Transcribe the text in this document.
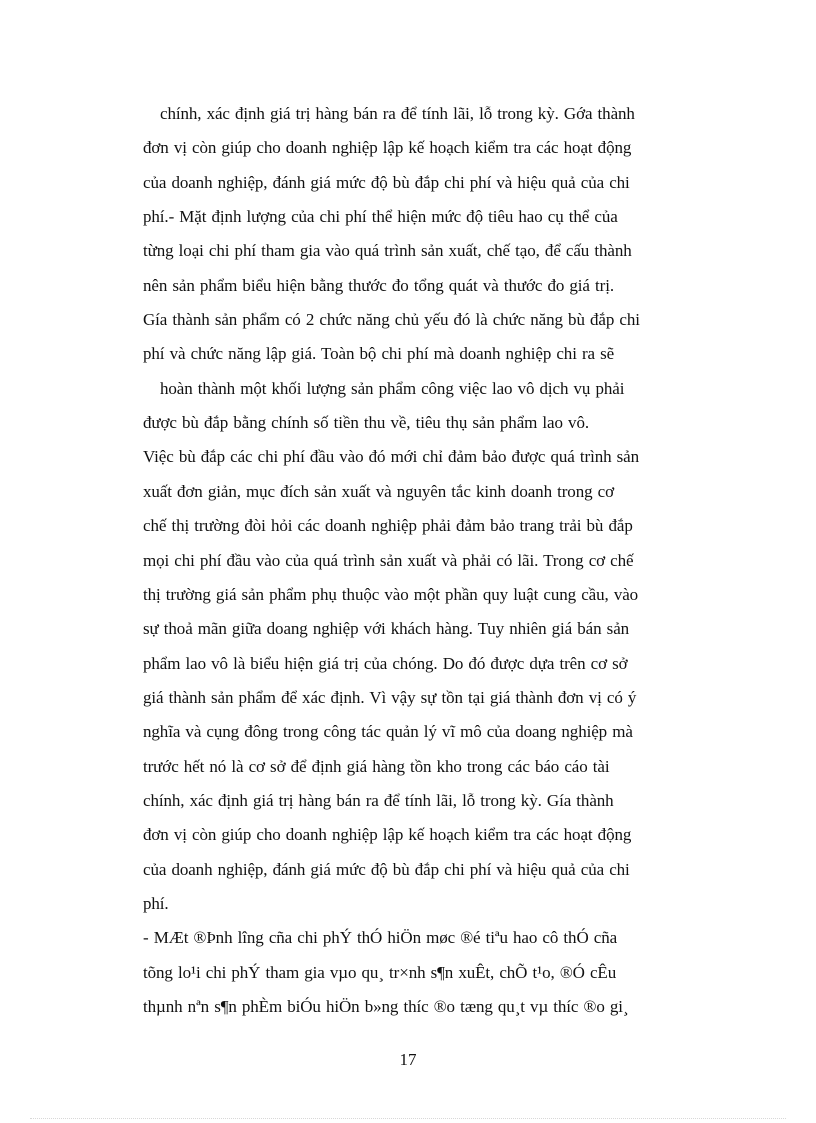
chính, xác định giá trị hàng bán ra để tính lãi, lỗ trong kỳ. Gớa thành
đơn vị còn giúp cho doanh nghiệp lập kế hoạch kiểm tra các hoạt động
của doanh nghiệp, đánh giá mức độ bù đắp chi phí và hiệu quả của chi
phí.- Mặt định lượng của chi phí thể hiện mức độ tiêu hao cụ thể của
từng loại chi phí tham gia vào quá trình sản xuất, chế tạo, để cấu thành
nên sản phẩm biểu hiện bằng thước đo tổng quát và thước đo giá trị.
Gía thành sản phẩm có 2 chức năng chủ yếu đó là chức năng bù đắp chi
phí và chức năng lập giá. Toàn bộ chi phí mà doanh nghiệp chi ra sẽ
hoàn thành một khối lượng sản phẩm công việc lao vô dịch vụ phải
được bù đắp bằng chính số tiền thu về, tiêu thụ sản phẩm lao vô.
Việc bù đắp các chi phí đầu vào đó mới chỉ đảm bảo được quá trình sản
xuất đơn giản, mục đích sản xuất và nguyên tắc kinh doanh trong cơ
chế thị trường đòi hỏi các doanh nghiệp phải đảm bảo trang trải bù đắp
mọi chi phí đầu vào của quá trình sản xuất và phải có lãi. Trong cơ chế
thị trường giá sản phẩm phụ thuộc vào một phần quy luật cung cầu, vào
sự thoả mãn giữa doang nghiệp với khách hàng. Tuy nhiên giá bán sản
phẩm lao vô là biểu hiện giá trị của chóng. Do đó được dựa trên cơ sở
giá thành sản phẩm để xác định. Vì vậy sự tồn tại giá thành đơn vị có ý
nghĩa và cụng đông trong công tác quản lý vĩ mô của doang nghiệp mà
trước hết nó là cơ sở để định giá hàng tồn kho trong các báo cáo tài
chính, xác định giá trị hàng bán ra để tính lãi, lỗ trong kỳ. Gía thành
đơn vị còn giúp cho doanh nghiệp lập kế hoạch kiểm tra các hoạt động
của doanh nghiệp, đánh giá mức độ bù đắp chi phí và hiệu quả của chi
phí.
- MÆt ®Þnh lîng cña chi phÝ thÓ hiÖn møc ®é tiªu hao cô thÓ cña
tõng lo¹i chi phÝ tham gia vµo qu¸ tr×nh s¶n xuÊt, chÕ t¹o, ®Ó cÊu
thµnh nªn s¶n phÈm biÓu hiÖn b»ng thíc ®o tæng qu¸t vµ thíc ®o gi¸
17
